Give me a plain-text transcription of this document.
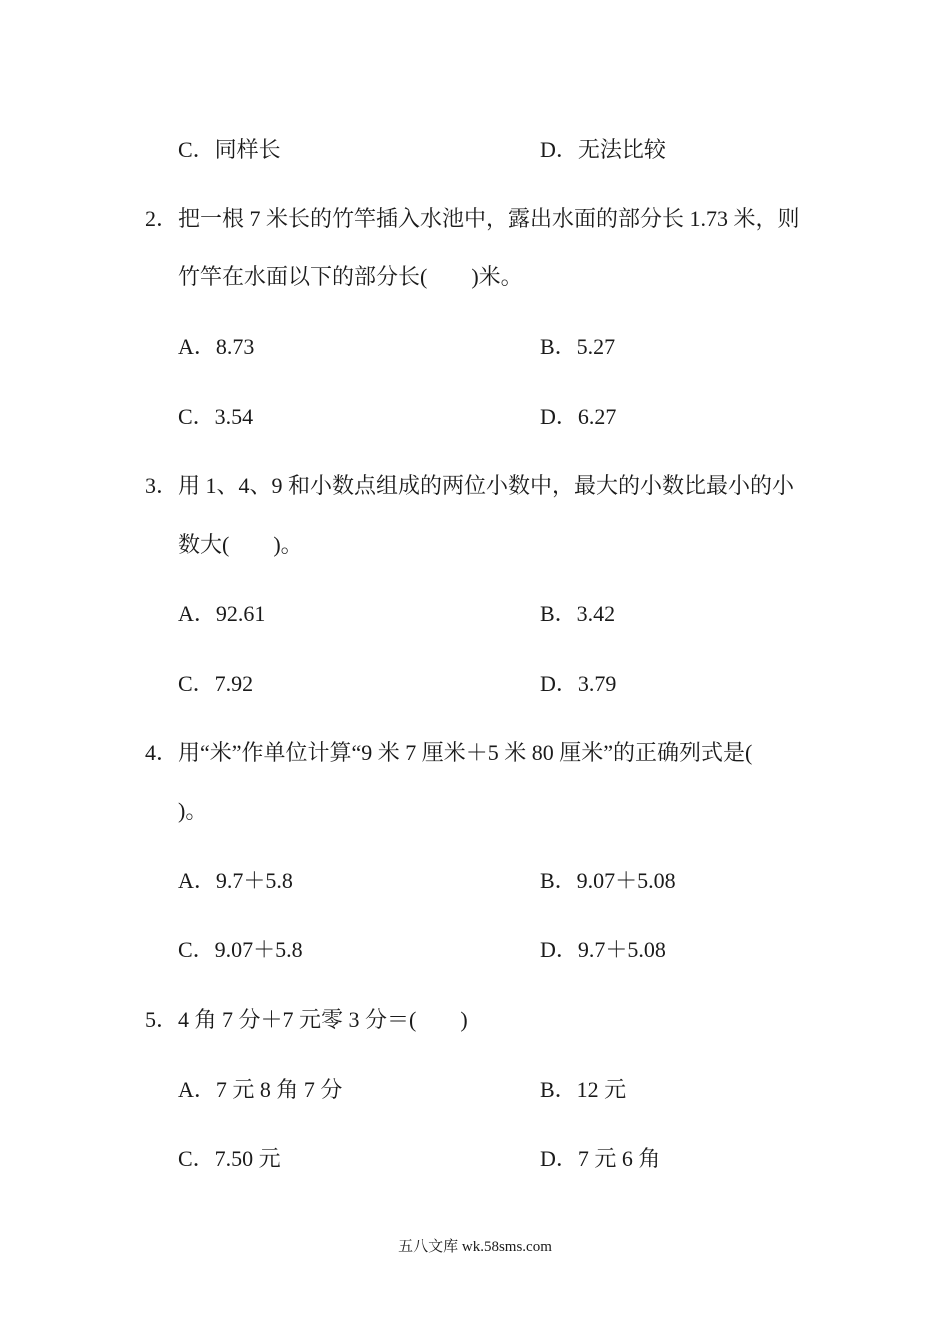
C．同样长	D．无法比较
2．把一根 7 米长的竹竿插入水池中，露出水面的部分长 1.73 米，则
竹竿在水面以下的部分长(　　)米。
A．8.73	B．5.27
C．3.54	D．6.27
3．用 1、4、9 和小数点组成的两位小数中，最大的小数比最小的小
数大(　　)。
A．92.61	B．3.42
C．7.92	D．3.79
4．用“米”作单位计算“9 米 7 厘米＋5 米 80 厘米”的正确列式是(
)。
A．9.7＋5.8	B．9.07＋5.08
C．9.07＋5.8	D．9.7＋5.08
5．4 角 7 分＋7 元零 3 分＝(　　)
A．7 元 8 角 7 分	B．12 元
C．7.50 元	D．7 元 6 角
五八文库 wk.58sms.com
